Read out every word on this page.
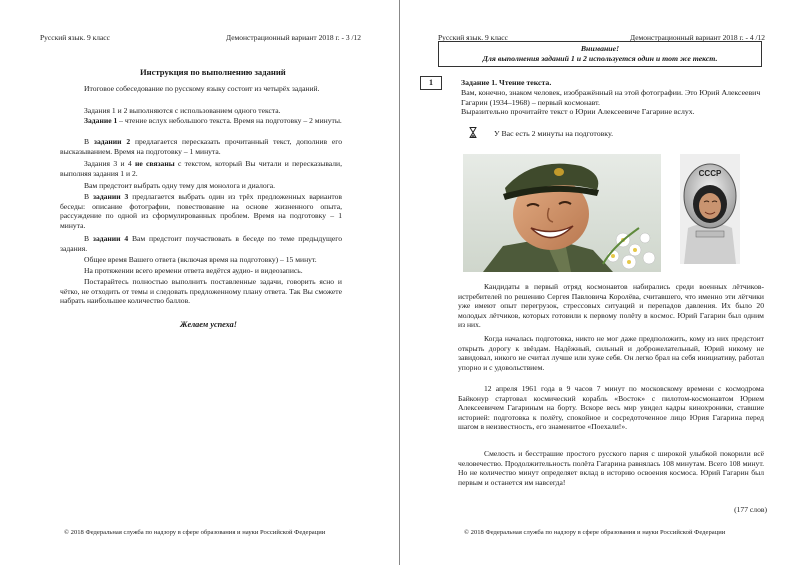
Русский язык. 9 класс	Демонстрационный вариант 2018 г. - 3 /12
Инструкция по выполнению заданий
Итоговое собеседование по русскому языку состоит из четырёх заданий.
Задания 1 и 2 выполняются с использованием одного текста.
Задание 1 – чтение вслух небольшого текста. Время на подготовку – 2 минуты.
В задании 2 предлагается пересказать прочитанный текст, дополнив его высказыванием. Время на подготовку – 1 минута.
Задания 3 и 4 не связаны с текстом, который Вы читали и пересказывали, выполняя задания 1 и 2.
Вам предстоит выбрать одну тему для монолога и диалога.
В задании 3 предлагается выбрать один из трёх предложенных вариантов беседы: описание фотографии, повествование на основе жизненного опыта, рассуждение по одной из сформулированных проблем. Время на подготовку – 1 минута.
В задании 4 Вам предстоит поучаствовать в беседе по теме предыдущего задания.
Общее время Вашего ответа (включая время на подготовку) – 15 минут.
На протяжении всего времени ответа ведётся аудио- и видеозапись.
Постарайтесь полностью выполнить поставленные задачи, говорить ясно и чётко, не отходить от темы и следовать предложенному плану ответа. Так Вы сможете набрать наибольшее количество баллов.
Желаем успеха!
© 2018 Федеральная служба по надзору в сфере образования и науки Российской Федерации
Русский язык. 9 класс	Демонстрационный вариант 2018 г. - 4 /12
Внимание!
Для выполнения заданий 1 и 2 используется один и тот же текст.
1	Задание 1. Чтение текста.
Вам, конечно, знаком человек, изображённый на этой фотографии. Это Юрий Алексеевич Гагарин (1934–1968) – первый космонавт.
Выразительно прочитайте текст о Юрии Алексеевиче Гагарине вслух.
У Вас есть 2 минуты на подготовку.
СССР
Кандидаты в первый отряд космонавтов набирались среди военных лётчиков-истребителей по решению Сергея Павловича Королёва, считавшего, что именно эти лётчики уже имеют опыт перегрузок, стрессовых ситуаций и перепадов давления. Их было 20 молодых лётчиков, которых готовили к первому полёту в космос. Юрий Гагарин был одним из них.
Когда началась подготовка, никто не мог даже предположить, кому из них предстоит открыть дорогу к звёздам. Надёжный, сильный и доброжелательный, Юрий никому не завидовал, никого не считал лучше или хуже себя. Он легко брал на себя инициативу, работал упорно и с удовольствием.
12 апреля 1961 года в 9 часов 7 минут по московскому времени с космодрома Байконур стартовал космический корабль «Восток» с пилотом-космонавтом Юрием Алексеевичем Гагариным на борту. Вскоре весь мир увидел кадры кинохроники, ставшие историей: подготовка к полёту, спокойное и сосредоточенное лицо Юрия Гагарина перед шагом в неизвестность, его знаменитое «Поехали!».
Смелость и бесстрашие простого русского парня с широкой улыбкой покорили всё человечество. Продолжительность полёта Гагарина равнялась 108 минутам. Всего 108 минут. Но не количество минут определяет вклад в историю освоения космоса. Юрий Гагарин был первым и останется им навсегда!
(177 слов)
© 2018 Федеральная служба по надзору в сфере образования и науки Российской Федерации
